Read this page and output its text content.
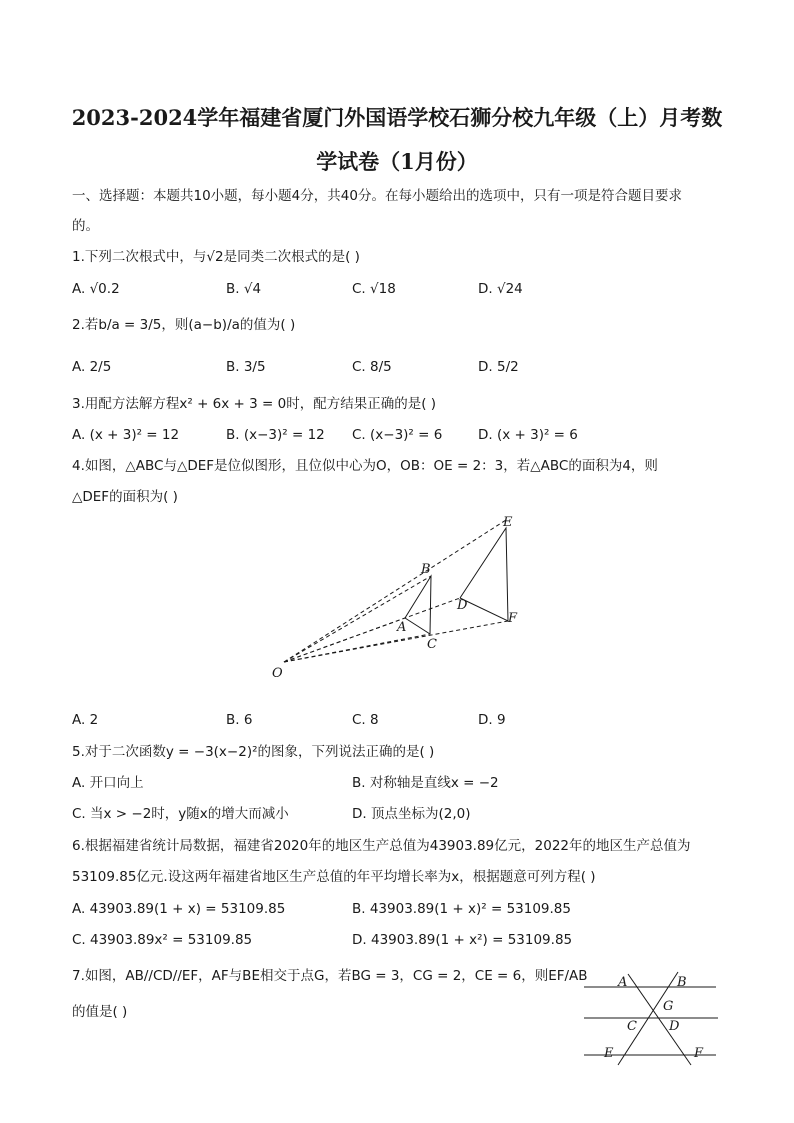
2023-2024学年福建省厦门外国语学校石狮分校九年级（上）月考数
学试卷（1月份）
一、选择题：本题共10小题，每小题4分，共40分。在每小题给出的选项中，只有一项是符合题目要求
的。
1.下列二次根式中，与√2是同类二次根式的是( )
A. √0.2	B. √4	C. √18	D. √24
2.若b/a = 3/5，则(a−b)/a的值为( )
A. 2/5	B. 3/5	C. 8/5	D. 5/2
3.用配方法解方程x² + 6x + 3 = 0时，配方结果正确的是( )
A. (x + 3)² = 12	B. (x−3)² = 12 C. (x−3)² = 6	D. (x + 3)² = 6
4.如图，△ABC与△DEF是位似图形，且位似中心为O，OB：OE = 2：3，若△ABC的面积为4，则
△DEF的面积为( )
O
A
B
C
D
E
F
A. 2	B. 6	C. 8	D. 9
5.对于二次函数y = −3(x−2)²的图象，下列说法正确的是( )
A. 开口向上	B. 对称轴是直线x = −2
C. 当x > −2时，y随x的增大而减小	D. 顶点坐标为(2,0)
6.根据福建省统计局数据，福建省2020年的地区生产总值为43903.89亿元，2022年的地区生产总值为
53109.85亿元.设这两年福建省地区生产总值的年平均增长率为x，根据题意可列方程( )
A. 43903.89(1 + x) = 53109.85	B. 43903.89(1 + x)² = 53109.85
C. 43903.89x² = 53109.85	D. 43903.89(1 + x²) = 53109.85
7.如图，AB//CD//EF，AF与BE相交于点G，若BG = 3，CG = 2，CE = 6，则EF/AB
的值是( )
A	B
G
C D
E	F
